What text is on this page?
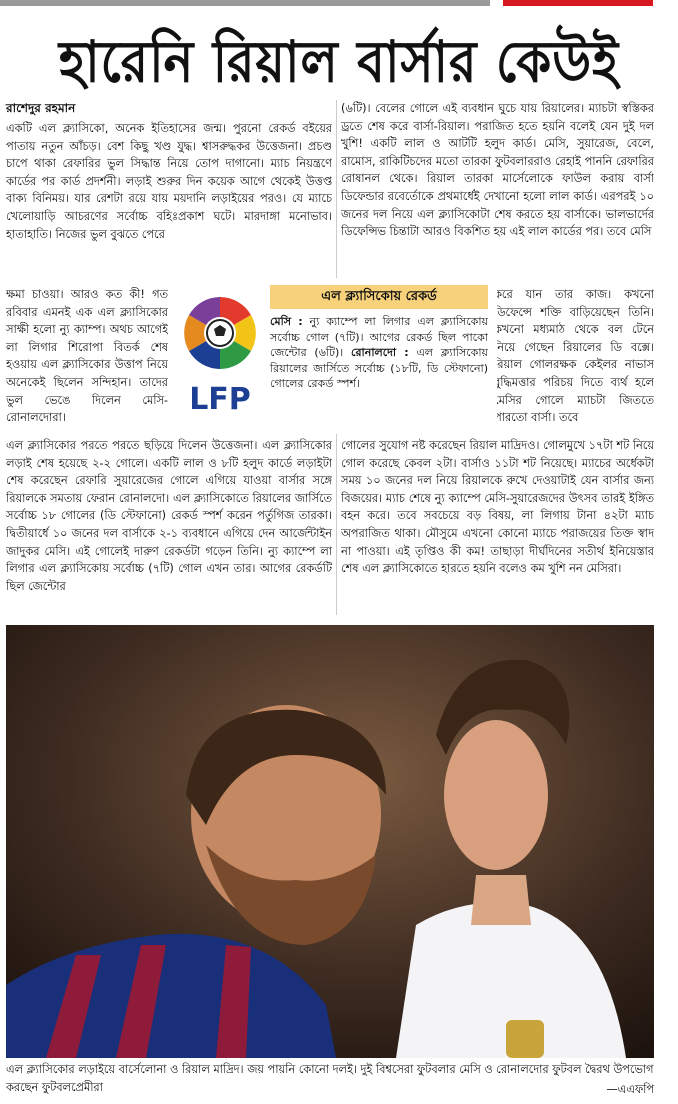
হারেনি রিয়াল বার্সার কেউই
রাশেদুর রহমান

একটি এল ক্ল্যাসিকো, অনেক ইতিহাসের জন্ম। পুরনো রেকর্ড বইয়ের পাতায় নতুন আঁচড়। বেশ কিছু খণ্ড যুদ্ধ। শ্বাসরুদ্ধকর উত্তেজনা। প্রচণ্ড চাপে থাকা রেফারির ভুল সিদ্ধান্ত নিয়ে তোপ দাগানো। ম্যাচ নিয়ন্ত্রণে কার্ডের পর কার্ড প্রদর্শনী। লড়াই শুরুর দিন কয়েক আগে থেকেই উত্তপ্ত বাক্য বিনিময়। যার রেশটা রয়ে যায় ময়দানি লড়াইয়ের পরও। যে ম্যাচে খেলোয়াড়ি আচরণের সর্বোচ্চ বহিঃপ্রকাশ ঘটে। মারদাঙ্গা মনোভাব। হাতাহাতি। নিজের ভুল বুঝতে পেরে

ক্ষমা চাওয়া। আরও কত কী! গত রবিবার এমনই এক এল ক্ল্যাসিকোর সাক্ষী হলো ন্যু ক্যাম্প। অথচ আগেই লা লিগার শিরোপা বিতর্ক শেষ হওয়ায় এল ক্ল্যাসিকোর উত্তাপ নিয়ে অনেকেই ছিলেন সন্দিহান। তাদের ভুল ভেঙে দিলেন মেসি-রোনালদোরা।

এল ক্ল্যাসিকোর পরতে পরতে ছড়িয়ে দিলেন উত্তেজনা। এল ক্ল্যাসিকোর লড়াই শেষ হয়েছে ২-২ গোলে। একটি লাল ও ৮টি হলুদ কার্ডে লড়াইটা শেষ করেছেন রেফারি সুয়ারেজের গোলে এগিয়ে যাওয়া বার্সার সঙ্গে রিয়ালকে সমতায় ফেরান রোনালদো। এল ক্ল্যাসিকোতে রিয়ালের জার্সিতে সর্বোচ্চ ১৮ গোলের (ডি স্টেফানো) রেকর্ড স্পর্শ করেন পর্তুগিজ তারকা। দ্বিতীয়ার্ধে ১০ জনের দল বার্সাকে ২-১ ব্যবধানে এগিয়ে দেন আর্জেন্টাইন জাদুকর মেসি। এই গোলেই দারুণ রেকর্ডটা গড়েন তিনি। ন্যু ক্যাম্পে লা লিগার এল ক্ল্যাসিকোয় সর্বোচ্চ (৭টি) গোল এখন তার। আগের রেকর্ডটি ছিল জেন্টোর

(৬টি)। বেলের গোলে এই ব্যবধান ঘুচে যায় রিয়ালের। ম্যাচটা স্বস্তিকর ড্রতে শেষ করে বার্সা-রিয়াল। পরাজিত হতে হয়নি বলেই যেন দুই দল খুশি! একটি লাল ও আটটি হলুদ কার্ড। মেসি, সুয়ারেজ, বেলে, রামোস, রাকিটিচদের মতো তারকা ফুটবলাররাও রেহাই পাননি রেফারির রোষানল থেকে। রিয়াল তারকা মার্সেলোকে ফাউল করায় বার্সা ডিফেন্ডার রবের্তোকে প্রথমার্ধেই দেখানো হলো লাল কার্ড। এরপরই ১০ জনের দল নিয়ে এল ক্ল্যাসিকোটা শেষ করতে হয় বার্সাকে। ভালভার্দের ডিফেন্সিভ চিন্তাটা আরও বিকশিত হয় এই লাল কার্ডের পর। তবে মেসি

করে যান তার কাজ। কখনো ডিফেন্সে শক্তি বাড়িয়েছেন তিনি। কখনো মধ্যমাঠ থেকে বল টেনে নিয়ে গেছেন রিয়ালের ডি বক্সে। রিয়াল গোলরক্ষক কেইলর নাভাস বুদ্ধিমত্তার পরিচয় দিতে ব্যর্থ হলে মেসির গোলে ম্যাচটা জিততে পারতো বার্সা। তবে

গোলের সুযোগ নষ্ট করেছেন রিয়াল মাদ্রিদও। গোলমুখে ১৭টা শট নিয়ে গোল করেছে কেবল ২টা। বার্সাও ১১টা শট নিয়েছে। ম্যাচের অর্ধেকটা সময় ১০ জনের দল নিয়ে রিয়ালকে রুখে দেওয়াটাই যেন বার্সার জন্য বিজয়ের। ম্যাচ শেষে ন্যু ক্যাম্পে মেসি-সুয়ারেজদের উৎসব তারই ইঙ্গিত বহন করে। তবে সবচেয়ে বড় বিষয়, লা লিগায় টানা ৪২টা ম্যাচ অপরাজিত থাকা। মৌসুমে এখনো কোনো ম্যাচে পরাজয়ের তিক্ত স্বাদ না পাওয়া। এই তৃপ্তিও কী কম! তাছাড়া দীর্ঘদিনের সতীর্থ ইনিয়েস্তার শেষ এল ক্ল্যাসিকোতে হারতে হয়নি বলেও কম খুশি নন মেসিরা।

LFP
এল ক্ল্যাসিকোয় রেকর্ড
মেসি : ন্যু ক্যাম্পে লা লিগার এল ক্ল্যাসিকোয় সর্বোচ্চ গোল (৭টি)। আগের রেকর্ড ছিল পাকো জেন্টোর (৬টি)। রোনালদো : এল ক্ল্যাসিকোয় রিয়ালের জার্সিতে সর্বোচ্চ (১৮টি, ডি স্টেফানো) গোলের রেকর্ড স্পর্শ।
এল ক্ল্যাসিকোর লড়াইয়ে বার্সেলোনা ও রিয়াল মাদ্রিদ। জয় পায়নি কোনো দলই। দুই বিশ্বসেরা ফুটবলার মেসি ও রোনালদোর ফুটবল দ্বৈরথ উপভোগ করছেন ফুটবলপ্রেমীরা	—এএফপি
